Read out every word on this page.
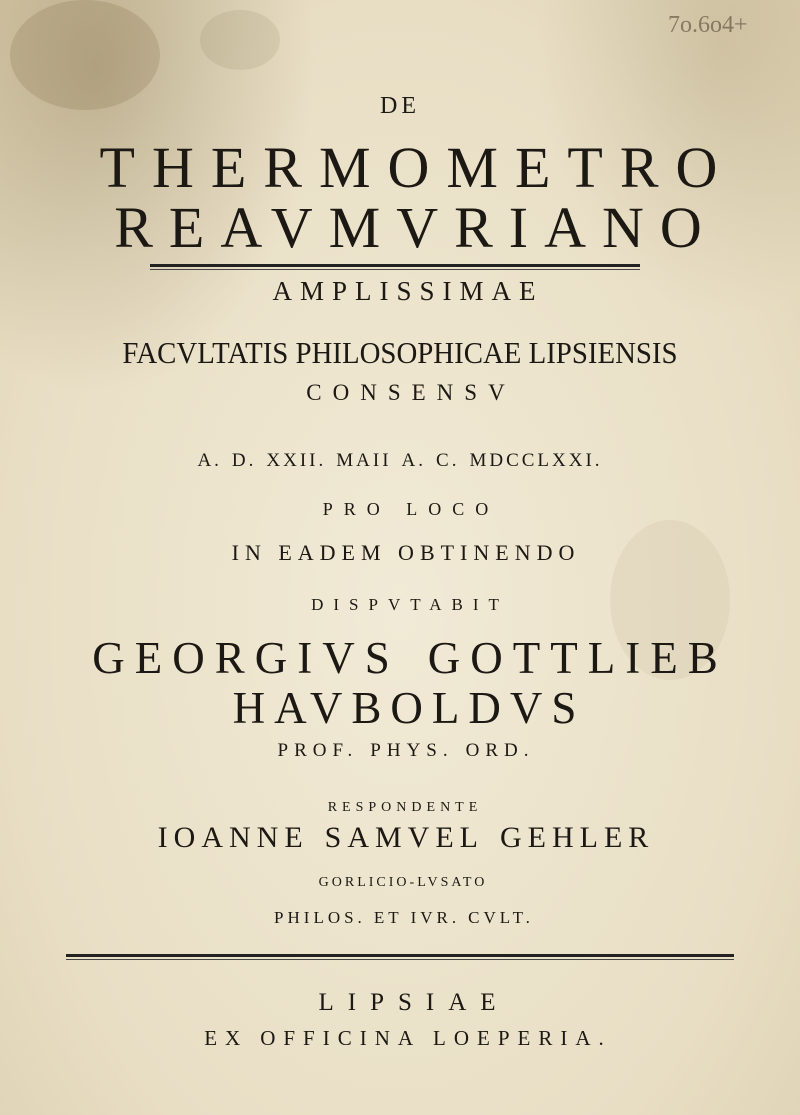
7o.6o4+
DE
THERMOMETRO
REAVMVRIANO
AMPLISSIMAE
FACVLTATIS PHILOSOPHICAE LIPSIENSIS
CONSENSV
A. D. XXII. MAII A. C. MDCCLXXI.
PRO LOCO
IN EADEM OBTINENDO
DISPVTABIT
GEORGIVS GOTTLIEB
HAVBOLDVS
PROF. PHYS. ORD.
RESPONDENTE
IOANNE SAMVEL GEHLER
GORLICIO-LVSATO
PHILOS. ET IVR. CVLT.
LIPSIAE
EX OFFICINA LOEPERIA.
